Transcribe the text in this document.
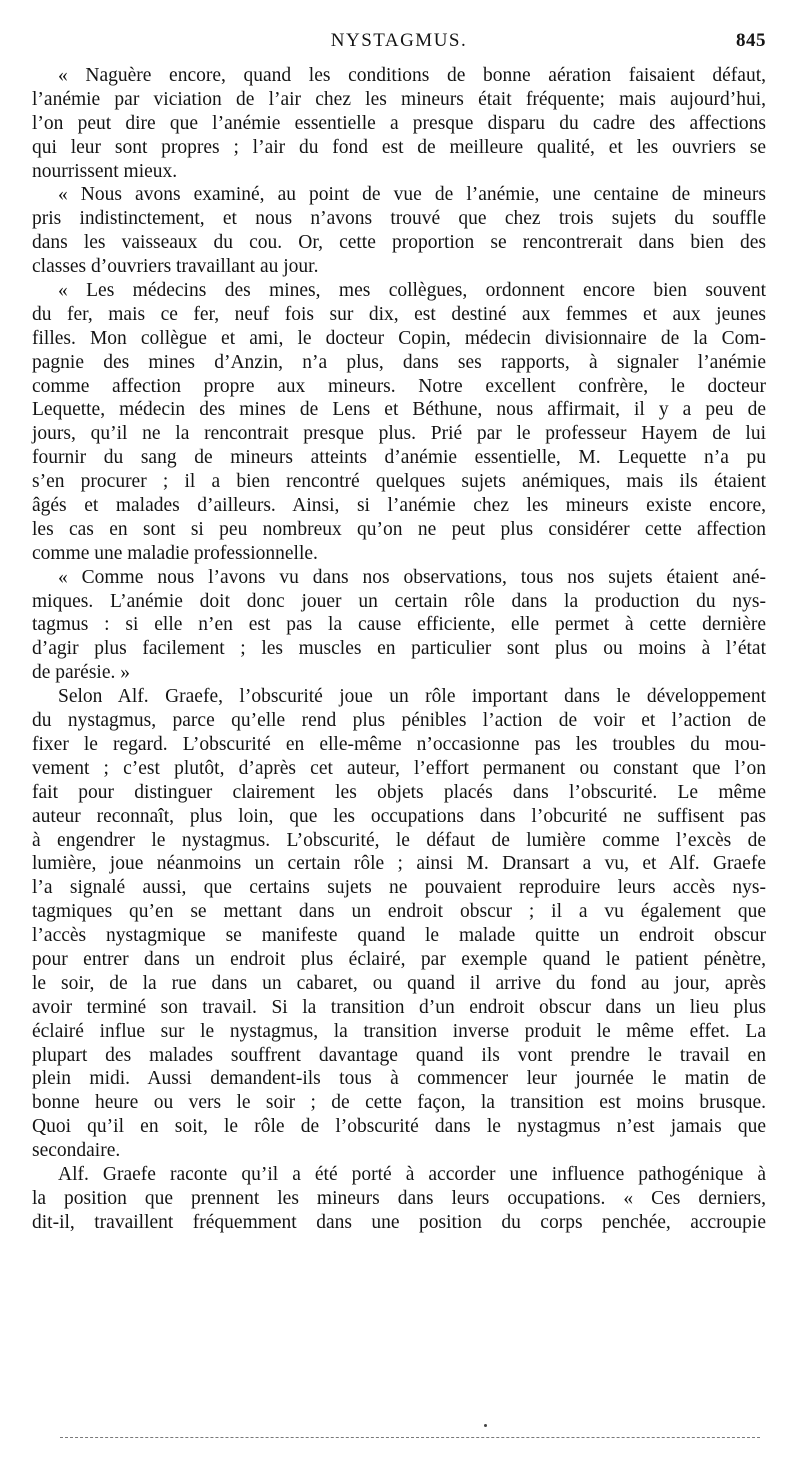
NYSTAGMUS.	845
« Naguère encore, quand les conditions de bonne aération faisaient défaut,
l’anémie par viciation de l’air chez les mineurs était fréquente; mais aujourd’hui,
l’on peut dire que l’anémie essentielle a presque disparu du cadre des affections
qui leur sont propres ; l’air du fond est de meilleure qualité, et les ouvriers se
nourrissent mieux.
« Nous avons examiné, au point de vue de l’anémie, une centaine de mineurs
pris indistinctement, et nous n’avons trouvé que chez trois sujets du souffle
dans les vaisseaux du cou. Or, cette proportion se rencontrerait dans bien des
classes d’ouvriers travaillant au jour.
« Les médecins des mines, mes collègues, ordonnent encore bien souvent
du fer, mais ce fer, neuf fois sur dix, est destiné aux femmes et aux jeunes
filles. Mon collègue et ami, le docteur Copin, médecin divisionnaire de la Com-
pagnie des mines d’Anzin, n’a plus, dans ses rapports, à signaler l’anémie
comme affection propre aux mineurs. Notre excellent confrère, le docteur
Lequette, médecin des mines de Lens et Béthune, nous affirmait, il y a peu de
jours, qu’il ne la rencontrait presque plus. Prié par le professeur Hayem de lui
fournir du sang de mineurs atteints d’anémie essentielle, M. Lequette n’a pu
s’en procurer ; il a bien rencontré quelques sujets anémiques, mais ils étaient
âgés et malades d’ailleurs. Ainsi, si l’anémie chez les mineurs existe encore,
les cas en sont si peu nombreux qu’on ne peut plus considérer cette affection
comme une maladie professionnelle.
« Comme nous l’avons vu dans nos observations, tous nos sujets étaient ané-
miques. L’anémie doit donc jouer un certain rôle dans la production du nys-
tagmus : si elle n’en est pas la cause efficiente, elle permet à cette dernière
d’agir plus facilement ; les muscles en particulier sont plus ou moins à l’état
de parésie. »
Selon Alf. Graefe, l’obscurité joue un rôle important dans le développement
du nystagmus, parce qu’elle rend plus pénibles l’action de voir et l’action de
fixer le regard. L’obscurité en elle-même n’occasionne pas les troubles du mou-
vement ; c’est plutôt, d’après cet auteur, l’effort permanent ou constant que l’on
fait pour distinguer clairement les objets placés dans l’obscurité. Le même
auteur reconnaît, plus loin, que les occupations dans l’obcurité ne suffisent pas
à engendrer le nystagmus. L’obscurité, le défaut de lumière comme l’excès de
lumière, joue néanmoins un certain rôle ; ainsi M. Dransart a vu, et Alf. Graefe
l’a signalé aussi, que certains sujets ne pouvaient reproduire leurs accès nys-
tagmiques qu’en se mettant dans un endroit obscur ; il a vu également que
l’accès nystagmique se manifeste quand le malade quitte un endroit obscur
pour entrer dans un endroit plus éclairé, par exemple quand le patient pénètre,
le soir, de la rue dans un cabaret, ou quand il arrive du fond au jour, après
avoir terminé son travail. Si la transition d’un endroit obscur dans un lieu plus
éclairé influe sur le nystagmus, la transition inverse produit le même effet. La
plupart des malades souffrent davantage quand ils vont prendre le travail en
plein midi. Aussi demandent-ils tous à commencer leur journée le matin de
bonne heure ou vers le soir ; de cette façon, la transition est moins brusque.
Quoi qu’il en soit, le rôle de l’obscurité dans le nystagmus n’est jamais que
secondaire.
Alf. Graefe raconte qu’il a été porté à accorder une influence pathogénique à
la position que prennent les mineurs dans leurs occupations. « Ces derniers,
dit-il, travaillent fréquemment dans une position du corps penchée, accroupie
